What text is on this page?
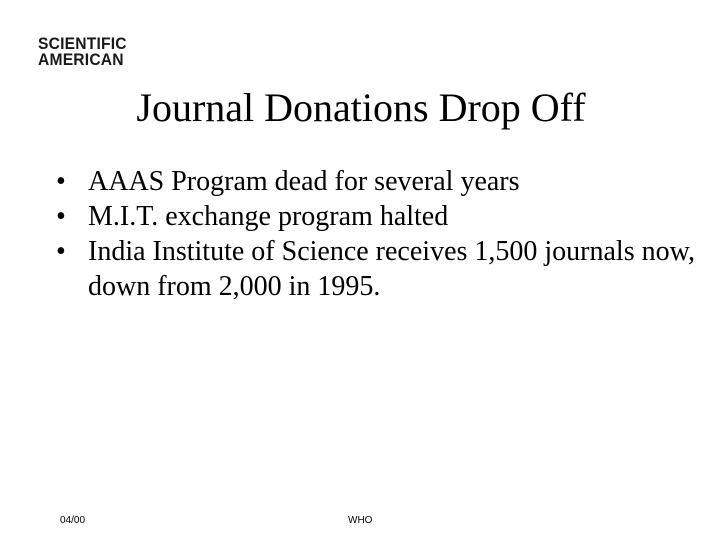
SCIENTIFIC
AMERICAN
Journal Donations Drop Off
• AAAS Program dead for several years
• M.I.T. exchange program halted
• India Institute of Science receives 1,500 journals now, down from 2,000 in 1995.
04/00	WHO
